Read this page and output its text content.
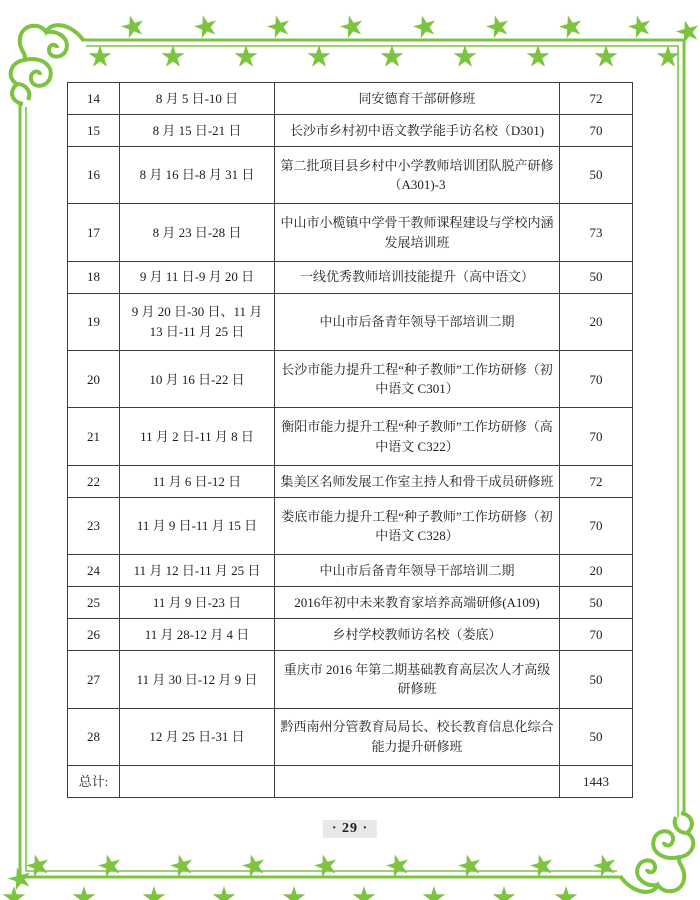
14	8 月 5 日-10 日	同安德育干部研修班	72
15	8 月 15 日-21 日	长沙市乡村初中语文教学能手访名校（D301)	70
16	8 月 16 日-8 月 31 日	第二批项目县乡村中小学教师培训团队脱产研修（A301)-3	50
17	8 月 23 日-28 日	中山市小榄镇中学骨干教师课程建设与学校内涵发展培训班	73
18	9 月 11 日-9 月 20 日	一线优秀教师培训技能提升（高中语文）	50
19	9 月 20 日-30 日、11 月 13 日-11 月 25 日	中山市后备青年领导干部培训二期	20
20	10 月 16 日-22 日	长沙市能力提升工程“种子教师”工作坊研修（初中语文 C301）	70
21	11 月 2 日-11 月 8 日	衡阳市能力提升工程“种子教师”工作坊研修（高中语文 C322）	70
22	11 月 6 日-12 日	集美区名师发展工作室主持人和骨干成员研修班	72
23	11 月 9 日-11 月 15 日	娄底市能力提升工程“种子教师”工作坊研修（初中语文 C328）	70
24	11 月 12 日-11 月 25 日	中山市后备青年领导干部培训二期	20
25	11 月 9 日-23 日	2016年初中未来教育家培养高端研修(A109)	50
26	11 月 28-12 月 4 日	乡村学校教师访名校（娄底）	70
27	11 月 30 日-12 月 9 日	重庆市 2016 年第二期基础教育高层次人才高级研修班	50
28	12 月 25 日-31 日	黔西南州分管教育局局长、校长教育信息化综合能力提升研修班	50
总计:			1443
· 29 ·
